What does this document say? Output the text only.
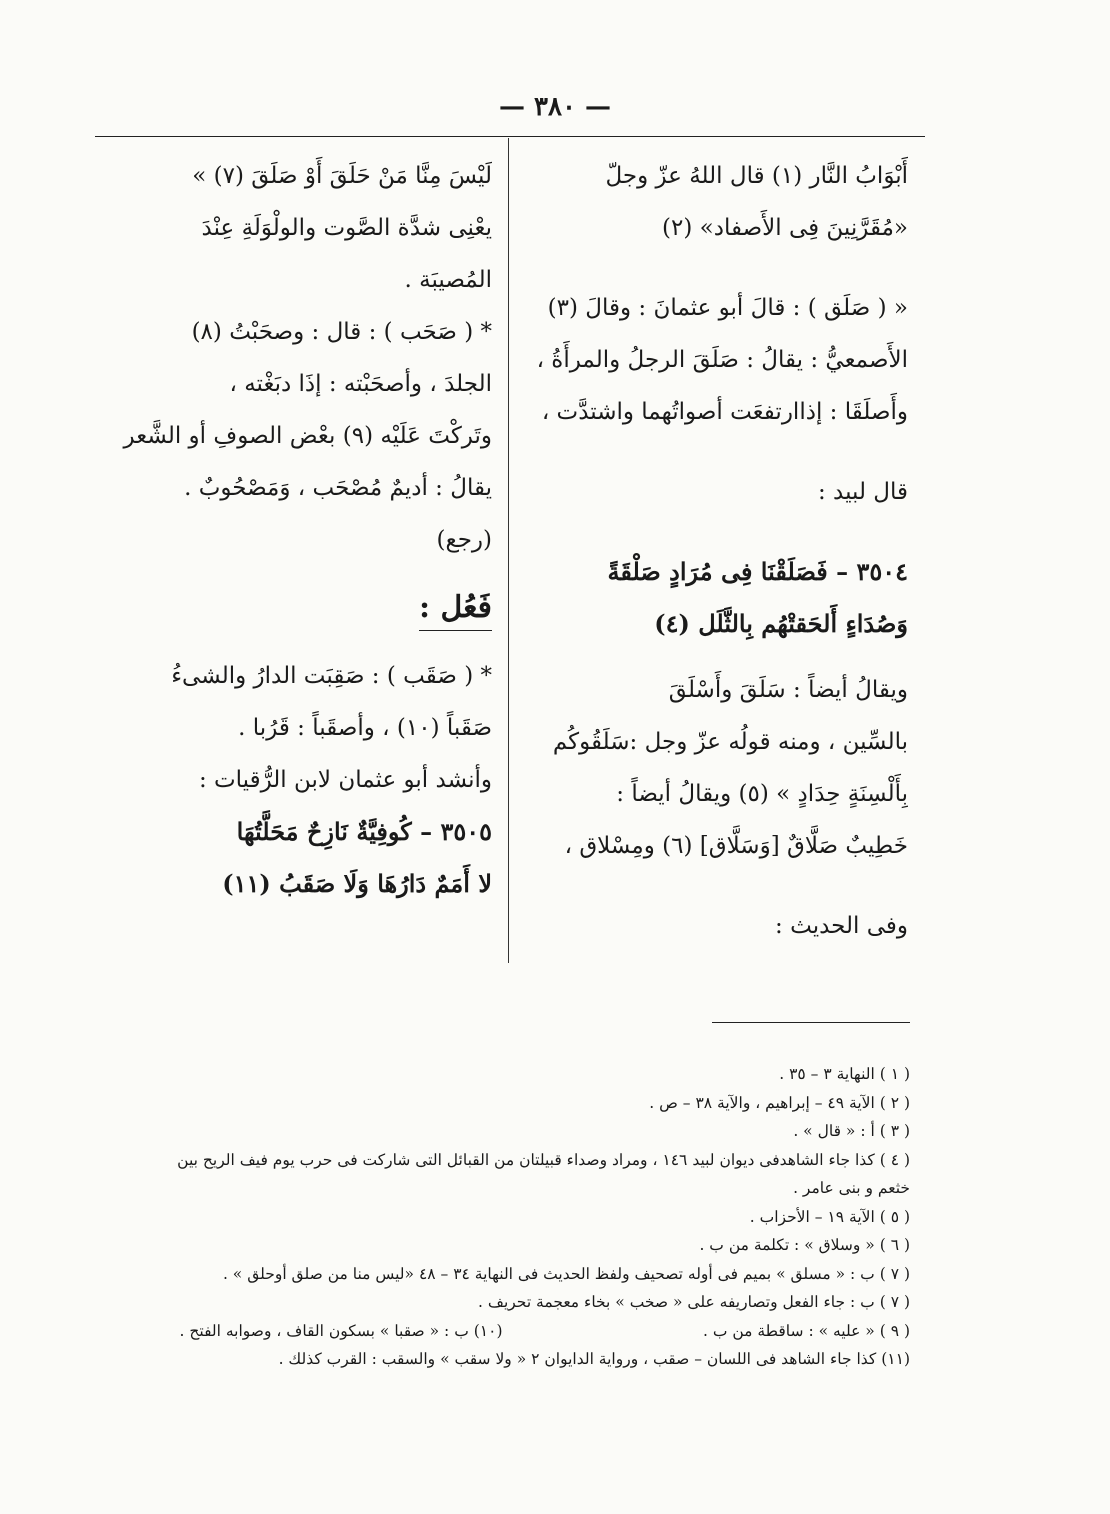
— ٣٨٠ —
أَبْوَابُ النَّار (١) قال اللهُ عزّ وجلّ
«مُقَرَّنِينَ فِى الأَصفاد» (٢)
« ( صَلَق ) : قالَ أبو عثمانَ : وقالَ (٣)
الأَصمعيُّ : يقالُ : صَلَقَ الرجلُ والمرأَةُ ،
وأَصلَقَا : إذاارتفعَت أصواتُهما واشتدَّت ،
قال لبيد :
٣٥٠٤ – فَصَلَقْنَا فِى مُرَادٍ صَلْقَةً
وَصُدَاءٍ أَلحَقتْهُم بِالثَّلَل (٤)
ويقالُ أيضاً : سَلَقَ وأَسْلَقَ
بالسِّين ، ومنه قولُه عزّ وجل :سَلَقُوكُم
بِأَلْسِنَةٍ حِدَادٍ » (٥) ويقالُ أيضاً :
خَطِيبٌ صَلَّاقٌ [وَسَلَّاق] (٦) ومِسْلاق ،
وفى الحديث :
لَيْسَ مِنَّا مَنْ حَلَقَ أَوْ صَلَقَ (٧) »
يعْنِى شدَّة الصَّوت والولْوَلَةِ عِنْدَ
المُصيبَة .
* ( صَحَب ) : قال : وصحَبْتُ (٨)
الجلدَ ، وأصحَبْته : إذَا دبَغْته ،
وتَركْتَ عَلَيْه (٩) بعْض الصوفِ أو الشَّعر
يقالُ : أديمٌ مُصْحَب ، وَمَصْحُوبٌ .
(رجع)
فَعُل :
* ( صَقَب ) : صَقِبَت الدارُ والشىءُ
صَقَباً (١٠) ، وأصقَباً : قَرُبا .
وأنشد أبو عثمان لابن الرُّقيات :
٣٥٠٥ – كُوفِيَّةٌ نَازِحٌ مَحَلَّتُهَا
لا أَمَمٌ دَارُهَا وَلَا صَقَبُ (١١)
( ١ ) النهاية ٣ – ٣٥ .
( ٢ ) الآية ٤٩ – إبراهيم ، والآية ٣٨ – ص .
( ٣ ) أ : « قال » .
( ٤ ) كذا جاء الشاهدفى ديوان لبيد ١٤٦ ، ومراد وصداء قبيلتان من القبائل التى شاركت فى حرب يوم فيف الريح بين
خثعم و بنى عامر .
( ٥ ) الآية ١٩ – الأحزاب .
( ٦ ) « وسلاق » : تكلمة من ب .
( ٧ ) ب : « مسلق » بميم فى أوله تصحيف ولفظ الحديث فى النهاية ٣٤ – ٤٨ «ليس منا من صلق أوحلق » .
( ٧ ) ب : جاء الفعل وتصاريفه على « صخب » بخاء معجمة تحريف .
( ٩ ) « عليه » : ساقطة من ب .
(١٠) ب : « صقبا » بسكون القاف ، وصوابه الفتح .
(١١) كذا جاء الشاهد فى اللسان – صقب ، ورواية الدايوان ٢ « ولا سقب » والسقب : القرب كذلك .
